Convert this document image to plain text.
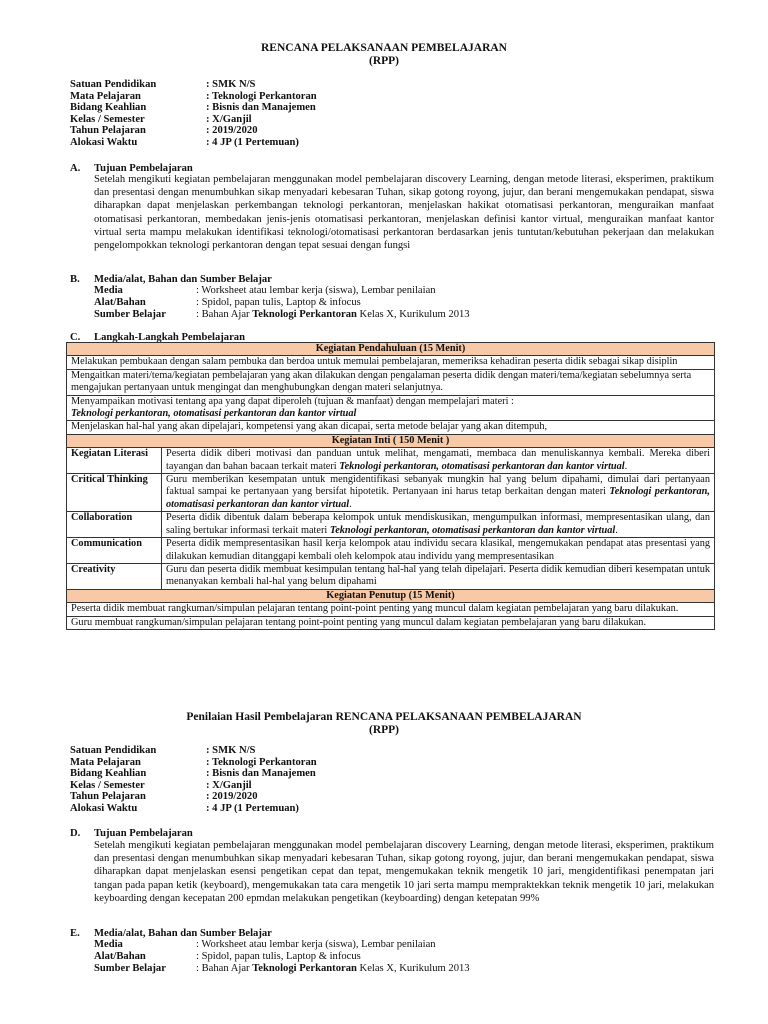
RENCANA PELAKSANAAN PEMBELAJARAN
(RPP)
Satuan Pendidikan	: SMK N/S
Mata Pelajaran	: Teknologi Perkantoran
Bidang Keahlian	: Bisnis dan Manajemen
Kelas / Semester	: X/Ganjil
Tahun Pelajaran	: 2019/2020
Alokasi Waktu	: 4 JP (1 Pertemuan)
A. Tujuan Pembelajaran
Setelah mengikuti kegiatan pembelajaran menggunakan model pembelajaran discovery Learning, dengan metode literasi, eksperimen, praktikum dan presentasi dengan menumbuhkan sikap menyadari kebesaran Tuhan, sikap gotong royong, jujur, dan berani mengemukakan pendapat, siswa diharapkan dapat menjelaskan perkembangan teknologi perkantoran, menjelaskan hakikat otomatisasi perkantoran, menguraikan manfaat otomatisasi perkantoran, membedakan jenis-jenis otomatisasi perkantoran, menjelaskan definisi kantor virtual, menguraikan manfaat kantor virtual serta mampu melakukan identifikasi teknologi/otomatisasi perkantoran berdasarkan jenis tuntutan/kebutuhan pekerjaan dan melakukan pengelompokkan teknologi perkantoran dengan tepat sesuai dengan fungsi
B. Media/alat, Bahan dan Sumber Belajar
Media	: Worksheet atau lembar kerja (siswa), Lembar penilaian
Alat/Bahan	: Spidol, papan tulis, Laptop & infocus
Sumber Belajar	: Bahan Ajar Teknologi Perkantoran Kelas X, Kurikulum 2013
C. Langkah-Langkah Pembelajaran
Kegiatan Pendahuluan (15 Menit)	
Melakukan pembukaan dengan salam pembuka dan berdoa untuk memulai pembelajaran, memeriksa kehadiran peserta didik sebagai sikap disiplin	
Mengaitkan materi/tema/kegiatan pembelajaran yang akan dilakukan dengan pengalaman peserta didik dengan materi/tema/kegiatan sebelumnya serta mengajukan pertanyaan untuk mengingat dan menghubungkan dengan materi selanjutnya.	
Menyampaikan motivasi tentang apa yang dapat diperoleh (tujuan & manfaat) dengan mempelajari materi :
Teknologi perkantoran, otomatisasi perkantoran dan kantor virtual	
Menjelaskan hal-hal yang akan dipelajari, kompetensi yang akan dicapai, serta metode belajar yang akan ditempuh,	
Kegiatan Inti ( 150 Menit )	
Kegiatan Literasi	Peserta didik diberi motivasi dan panduan untuk melihat, mengamati, membaca dan menuliskannya kembali. Mereka diberi tayangan dan bahan bacaan terkait materi Teknologi perkantoran, otomatisasi perkantoran dan kantor virtual.
Critical Thinking	Guru memberikan kesempatan untuk mengidentifikasi sebanyak mungkin hal yang belum dipahami, dimulai dari pertanyaan faktual sampai ke pertanyaan yang bersifat hipotetik. Pertanyaan ini harus tetap berkaitan dengan materi Teknologi perkantoran, otomatisasi perkantoran dan kantor virtual.
Collaboration	Peserta didik dibentuk dalam beberapa kelompok untuk mendiskusikan, mengumpulkan informasi, mempresentasikan ulang, dan saling bertukar informasi terkait materi Teknologi perkantoran, otomatisasi perkantoran dan kantor virtual.
Communication	Peserta didik mempresentasikan hasil kerja kelompok atau individu secara klasikal, mengemukakan pendapat atas presentasi yang dilakukan kemudian ditanggapi kembali oleh kelompok atau individu yang mempresentasikan
Creativity	Guru dan peserta didik membuat kesimpulan tentang hal-hal yang telah dipelajari. Peserta didik kemudian diberi kesempatan untuk menanyakan kembali hal-hal yang belum dipahami
Kegiatan Penutup (15 Menit)	
Peserta didik membuat rangkuman/simpulan pelajaran tentang point-point penting yang muncul dalam kegiatan pembelajaran yang baru dilakukan.	
Guru membuat rangkuman/simpulan pelajaran tentang point-point penting yang muncul dalam kegiatan pembelajaran yang baru dilakukan.	
Penilaian Hasil Pembelajaran RENCANA PELAKSANAAN PEMBELAJARAN
(RPP)
Satuan Pendidikan	: SMK N/S
Mata Pelajaran	: Teknologi Perkantoran
Bidang Keahlian	: Bisnis dan Manajemen
Kelas / Semester	: X/Ganjil
Tahun Pelajaran	: 2019/2020
Alokasi Waktu	: 4 JP (1 Pertemuan)
D. Tujuan Pembelajaran
Setelah mengikuti kegiatan pembelajaran menggunakan model pembelajaran discovery Learning, dengan metode literasi, eksperimen, praktikum dan presentasi dengan menumbuhkan sikap menyadari kebesaran Tuhan, sikap gotong royong, jujur, dan berani mengemukakan pendapat, siswa diharapkan dapat menjelaskan esensi pengetikan cepat dan tepat, mengemukakan teknik mengetik 10 jari, mengidentifikasi penempatan jari tangan pada papan ketik (keyboard), mengemukakan tata cara mengetik 10 jari serta mampu mempraktekkan teknik mengetik 10 jari, melakukan keyboarding dengan kecepatan 200 epmdan melakukan pengetikan (keyboarding) dengan ketepatan 99%
E. Media/alat, Bahan dan Sumber Belajar
Media	: Worksheet atau lembar kerja (siswa), Lembar penilaian
Alat/Bahan	: Spidol, papan tulis, Laptop & infocus
Sumber Belajar	: Bahan Ajar Teknologi Perkantoran Kelas X, Kurikulum 2013
